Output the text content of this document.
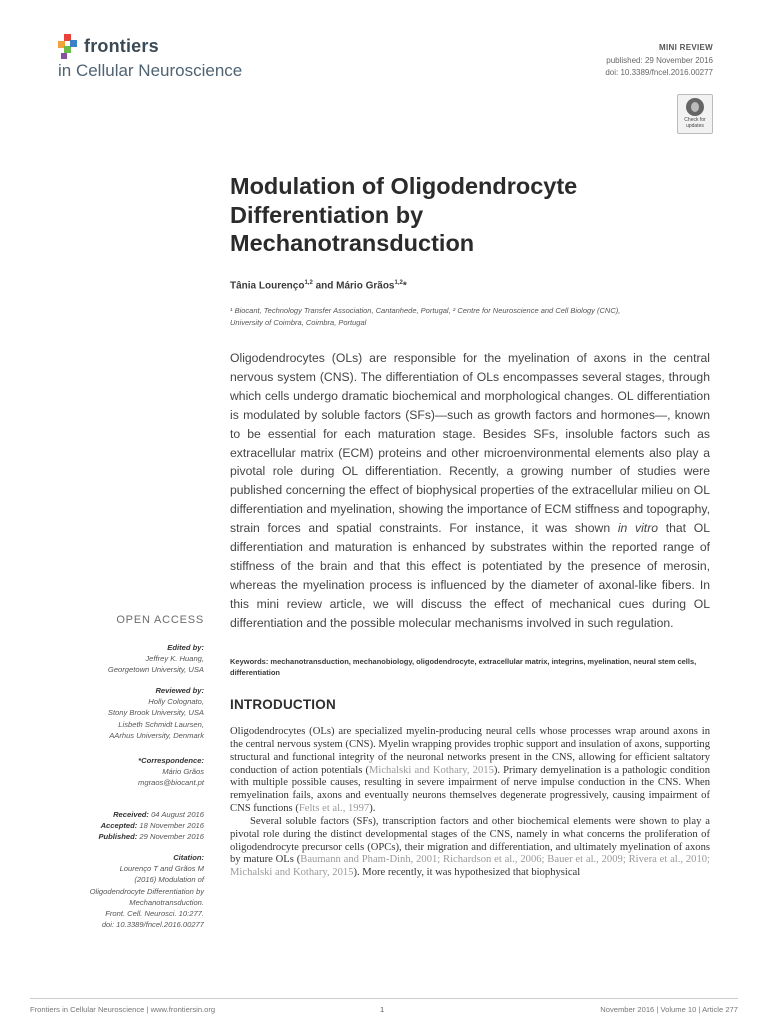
frontiers
in Cellular Neuroscience
MINI REVIEW
published: 29 November 2016
doi: 10.3389/fncel.2016.00277
Check for
updates
Modulation of Oligodendrocyte
Differentiation by
Mechanotransduction
Tânia Lourenço$^{1,2}$ and Mário Grãos$^{1,2}$*
¹ Biocant, Technology Transfer Association, Cantanhede, Portugal, ² Centre for Neuroscience and Cell Biology (CNC),
University of Coimbra, Coimbra, Portugal

Oligodendrocytes (OLs) are responsible for the myelination of axons in the central nervous system (CNS). The differentiation of OLs encompasses several stages, through which cells undergo dramatic biochemical and morphological changes. OL differentiation is modulated by soluble factors (SFs)—such as growth factors and hormones—, known to be essential for each maturation stage. Besides SFs, insoluble factors such as extracellular matrix (ECM) proteins and other microenvironmental elements also play a pivotal role during OL differentiation. Recently, a growing number of studies were published concerning the effect of biophysical properties of the extracellular milieu on OL differentiation and myelination, showing the importance of ECM stiffness and topography, strain forces and spatial constraints. For instance, it was shown in vitro that OL differentiation and maturation is enhanced by substrates within the reported range of stiffness of the brain and that this effect is potentiated by the presence of merosin, whereas the myelination process is influenced by the diameter of axonal-like fibers. In this mini review article, we will discuss the effect of mechanical cues during OL differentiation and the possible molecular mechanisms involved in such regulation.

Keywords: mechanotransduction, mechanobiology, oligodendrocyte, extracellular matrix, integrins, myelination, neural stem cells, differentiation
INTRODUCTION

Oligodendrocytes (OLs) are specialized myelin-producing neural cells whose processes wrap around axons in the central nervous system (CNS). Myelin wrapping provides trophic support and insulation of axons, supporting structural and functional integrity of the neuronal networks present in the CNS, allowing for efficient saltatory conduction of action potentials (Michalski and Kothary, 2015). Primary demyelination is a pathologic condition with multiple possible causes, resulting in severe impairment of nerve impulse conduction in the CNS. When remyelination fails, axons and eventually neurons themselves degenerate progressively, causing impairment of CNS functions (Felts et al., 1997).

Several soluble factors (SFs), transcription factors and other biochemical elements were shown to play a pivotal role during the distinct developmental stages of the CNS, namely in what concerns the proliferation of oligodendrocyte precursor cells (OPCs), their migration and differentiation, and ultimately myelination of axons by mature OLs (Baumann and Pham-Dinh, 2001; Richardson et al., 2006; Bauer et al., 2009; Rivera et al., 2010; Michalski and Kothary, 2015). More recently, it was hypothesized that biophysical

OPEN ACCESS
Edited by:
Jeffrey K. Huang,
Georgetown University, USA
Reviewed by:
Holly Colognato,
Stony Brook University, USA
Lisbeth Schmidt Laursen,
AArhus University, Denmark
*Correspondence:
Mário Grãos
mgraos@biocant.pt
Received: 04 August 2016
Accepted: 18 November 2016
Published: 29 November 2016
Citation:
Lourenço T and Grãos M
(2016) Modulation of
Oligodendrocyte Differentiation by
Mechanotransduction.
Front. Cell. Neurosci. 10:277.
doi: 10.3389/fncel.2016.00277
Frontiers in Cellular Neuroscience | www.frontiersin.org	1	November 2016 | Volume 10 | Article 277
